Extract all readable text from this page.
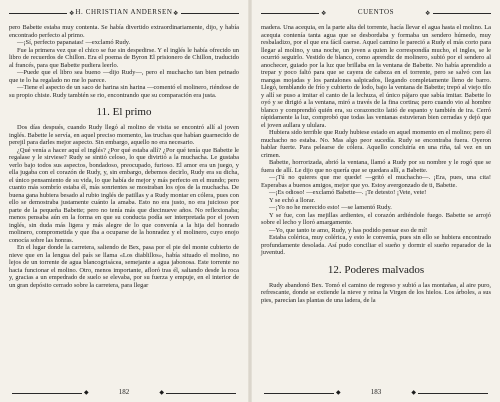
❖ H. CHRISTIAN ANDERSEN ❖

pero Babette estaba muy contenta. Se había divertido extraordinariamente, dijo, y había encontrado perfecto al primo.

—¡Sí, perfecto papanatas! —exclamó Rudy.

Fue la primera vez que el chico se fue sin despedirse. Y el inglés le había ofrecido un libro de recuerdos de Chillon. Era el poema de Byron El prisionero de Chillon, traducido al francés, para que Babette pudiera leerlo.

—Puede que el libro sea bueno —dijo Rudy—, pero el muchacho tan bien peinado que te lo ha regalado no me lo parece.

—Tiene el aspecto de un saco de harina sin harina —comentó el molinero, riéndose de su propio chiste. Rudy también se rio, encontrando que su comparación era justa.

11. El primo

Dos días después, cuando Rudy llegó al molino de visita se encontró allí al joven inglés. Babette le servía, en aquel preciso momento, las truchas que habían guarnecido de perejil para darles mejor aspecto. Sin embargo, aquello no era necesario.

¿Qué venía a hacer aquí el inglés? ¿Por qué estaba allí? ¿Por qué tenía que Babette le regalase y le sirviese? Rudy se sintió celoso, lo que divirtió a la muchacha. Le gustaba verlo bajo todos sus aspectos, bondadoso, preocupado, furioso. El amor era un juego, y ella jugaba con el corazón de Rudy, y, sin embargo, debemos decirlo, Rudy era su dicha, el único pensamiento de su vida, lo que había de mejor y más perfecto en el mundo; pero cuanto más sombrío estaba él, más sonrientes se mostraban los ojos de la muchacha. De buena gana hubiera besado al rubio inglés de patillas y a Rudy montar en cólera, pues con ello se demostraba justamente cuánto la amaba. Esto no era justo, no era juicioso por parte de la pequeña Babette; pero no tenía más que diecinueve años. No reflexionaba; menos pensaba aún en la forma en que su conducta podía ser interpretada por el joven inglés, sin duda más ligera y más alegre de lo que convenía a la hija del honrado molinero, comprometida y que iba a ocuparse de la honradez y el molinero, cuyo enojo conocía sobre las honras.

En el lugar donde la carretera, saliendo de Bex, pasa por el pie del monte cubierto de nieve que en la lengua del país se llama «Los diablillos», había situado el molino, no lejos de un torrente de agua blancogrisácea, semejante a agua jabonosa. Este torrente no hacia funcionar el molino. Otro, menos importante, afloró tras él, saltando desde la roca y, gracias a un empedrado de suelo se elevaba, por su fuerza y empuje, en el interior de un gran depósito cerrado sobre la carretera, para llegar

◆	182	◆
❖	CUENTOS	❖

madera. Una acequia, en la parte alta del torrente, hacía llevar el agua hasta el molino. La acequia contenía tanta agua que se desbordaba y formaba un sendero húmedo, muy resbaladizo, por el que era fácil caerse. Aquel camino le pareció a Rudy el más corto para llegar al molino, y una noche, un joven a quien le correspondía mucho, el ingles, se le ocurrió seguirlo. Vestido de blanco, como aprendiz de molinero, subió por el sendero al anochecer, guiado por la luz que brillaba en la ventana de Babette. No había aprendido a trepar y poco faltó para que se cayera de cabeza en el torrente, pero se salvó con las mangas mojadas y los pantalones salpicados, llegando completamente lleno de barro. Llegó, temblando de frío y cubierto de lodo, bajo la ventana de Babette; trepó al viejo tilo y allí se puso a imitar el canto de la lechuza, el único pájaro que sabía imitar. Babette lo oyó y se dirigió a la ventana, miró a través de la fina cortina; pero cuando vio al hombre blanco y comprendió quién era, su corazoncito latió de espanto y también de ira. Cerró rápidamente la luz, comprobó que todas las ventanas estuvieran bien cerradas y dejó que el joven aullara y ululara.

Hubiera sido terrible que Rudy hubiese estado en aquel momento en el molino; pero él muchacho no estaba. No. Mas algo peor sucedía. Rudy se encontraba fuera. Oyeron hablar fuerte. Para pelearse de cólera. Aquello concluiría en una riña, tal vez en un crimen.

Babette, horrorizada, abrió la ventana, llamó a Rudy por su nombre y le rogó que se fuera de allí. Le dijo que no quería que se quedara allí, a Babette.

—¡Tú no quieres que me quede! —gritó el muchacho—. ¡Era, pues, una cita! Esperabas a buenos amigos, mejor que yo. Estoy avergonzado de ti, Babette.

—¡Es odioso! —exclamó Babette—. ¡Te detesto! ¡Vete, vete!

Y se echó a llorar.

—¡Yo no he merecido esto! —se lamentó Rudy.

Y se fue, con las mejillas ardientes, el corazón ardiéndole fuego. Babette se arrojó sobre el lecho y lloró amargamente.

—Yo, que tanto te amo, Rudy, y has podido pensar eso de mí!

Estaba colérica, muy colérica, y esto le convenía, pues sin ello se hubiera encontrado profundamente desolada. Así pudo conciliar el sueño y dormir el sueño reparador de la juventud.

12. Poderes malvados

Rudy abandonó Bex. Tomó el camino de regreso y subió a las montañas, al aire puro, refrescante, donde se extiende la nieve y reina la Virgen de los hielos. Los árboles, a sus pies, parecían las plantas de una ladera, de la

◆	183	◆
